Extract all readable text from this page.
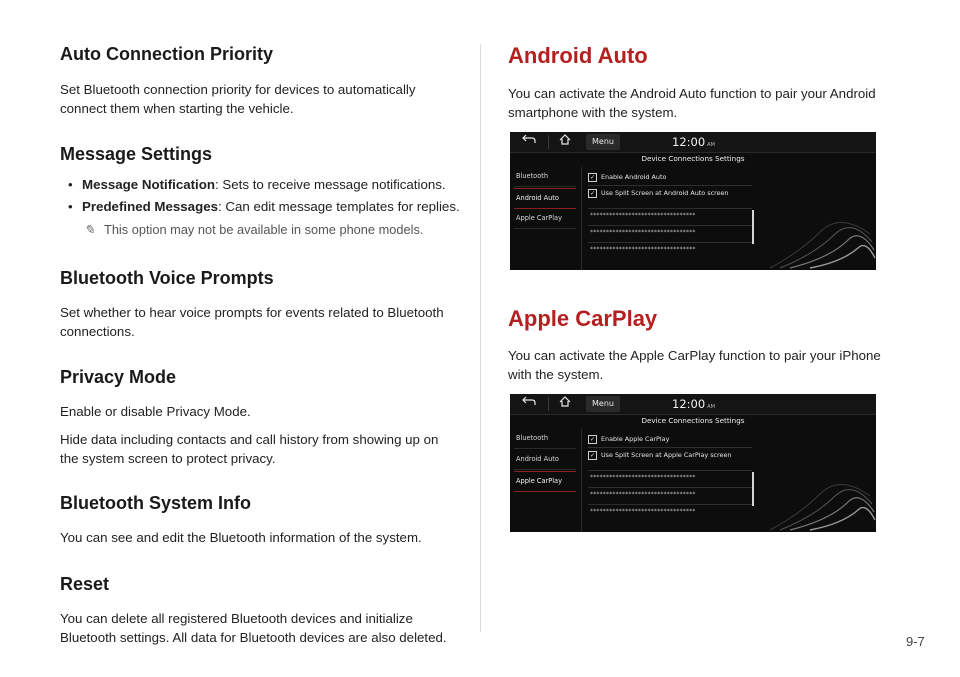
Auto Connection Priority

Set Bluetooth connection priority for devices to automatically connect them when starting the vehicle.

Message Settings
• Message Notification: Sets to receive message notifications.
• Predefined Messages: Can edit message templates for replies.
✎ This option may not be available in some phone models.
Bluetooth Voice Prompts

Set whether to hear voice prompts for events related to Bluetooth connections.

Privacy Mode

Enable or disable Privacy Mode.

Hide data including contacts and call history from showing up on the system screen to protect privacy.

Bluetooth System Info

You can see and edit the Bluetooth information of the system.

Reset

You can delete all registered Bluetooth devices and initialize Bluetooth settings. All data for Bluetooth devices are also deleted.

Android Auto

You can activate the Android Auto function to pair your Android smartphone with the system.

Menu	12:00 AM
Device Connections Settings
Bluetooth
Android Auto
Apple CarPlay
✓ Enable Android Auto
✓ Use Split Screen at Android Auto screen
*********************************
*********************************
*********************************
Apple CarPlay

You can activate the Apple CarPlay function to pair your iPhone with the system.

Menu	12:00 AM
Device Connections Settings
Bluetooth
Android Auto
Apple CarPlay
✓ Enable Apple CarPlay
✓ Use Split Screen at Apple CarPlay screen
*********************************
*********************************
*********************************
9-7
